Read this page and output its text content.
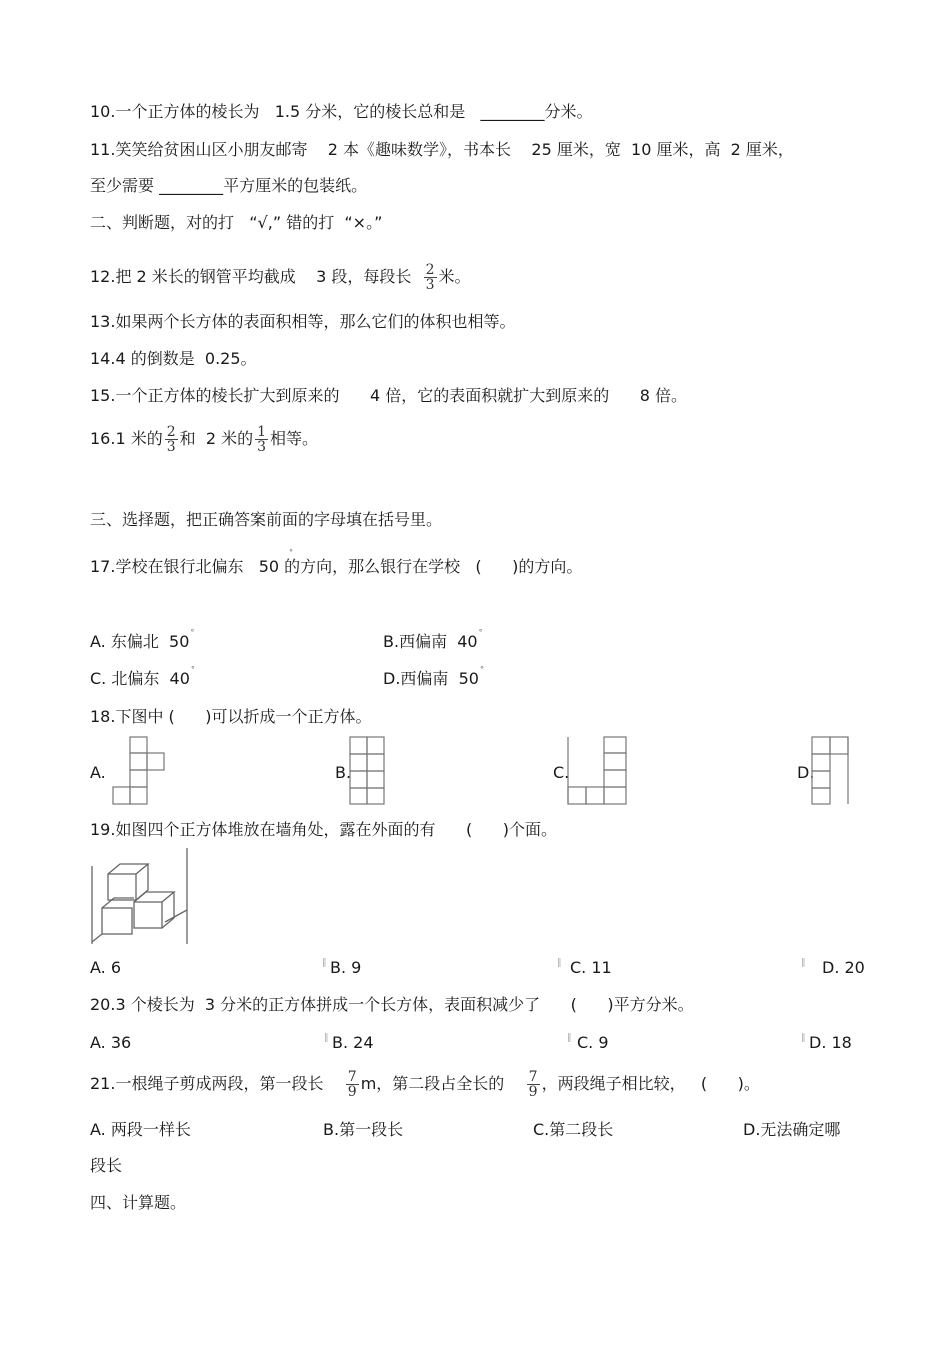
10.一个正方体的棱长为   1.5 分米，它的棱长总和是   ________分米。
11.笑笑给贫困山区小朋友邮寄    2 本《趣味数学》，书本长    25 厘米，宽  10 厘米，高  2 厘米，
至少需要 ________平方厘米的包装纸。
二、判断题，对的打   “√,” 错的打  “×。”
12.把 2 米长的钢管平均截成    3 段，每段长 $\frac{2}{3}$ 米。
13.如果两个长方体的表面积相等，那么它们的体积也相等。
14.4 的倒数是  0.25。
15.一个正方体的棱长扩大到原来的      4 倍，它的表面积就扩大到原来的      8 倍。
16.1 米的 $\frac{2}{3}$ 和  2 米的 $\frac{1}{3}$ 相等。
三、选择题，把正确答案前面的字母填在括号里。
17.学校在银行北偏东   50 的方向，那么银行在学校   (      )的方向。
°
A. 东偏北  50°	B.西偏南  40°
C. 北偏东  40°	D.西偏南  50°
18.下图中 (      )可以折成一个正方体。
A.	B.	C.	D.
19.如图四个正方体堆放在墙角处，露在外面的有      (      )个面。
A. 6	‖ B. 9	‖ C. 11	‖ D. 20
20.3 个棱长为  3 分米的正方体拼成一个长方体，表面积减少了      (      )平方分米。
A. 36	‖ B. 24	‖ C. 9	‖ D. 18
21.一根绳子剪成两段，第一段长 $\frac{7}{9}$ m，第二段占全长的 $\frac{7}{9}$ ，两段绳子相比较，   (      )。
A. 两段一样长	B.第一段长	C.第二段长	D.无法确定哪
段长
四、计算题。
